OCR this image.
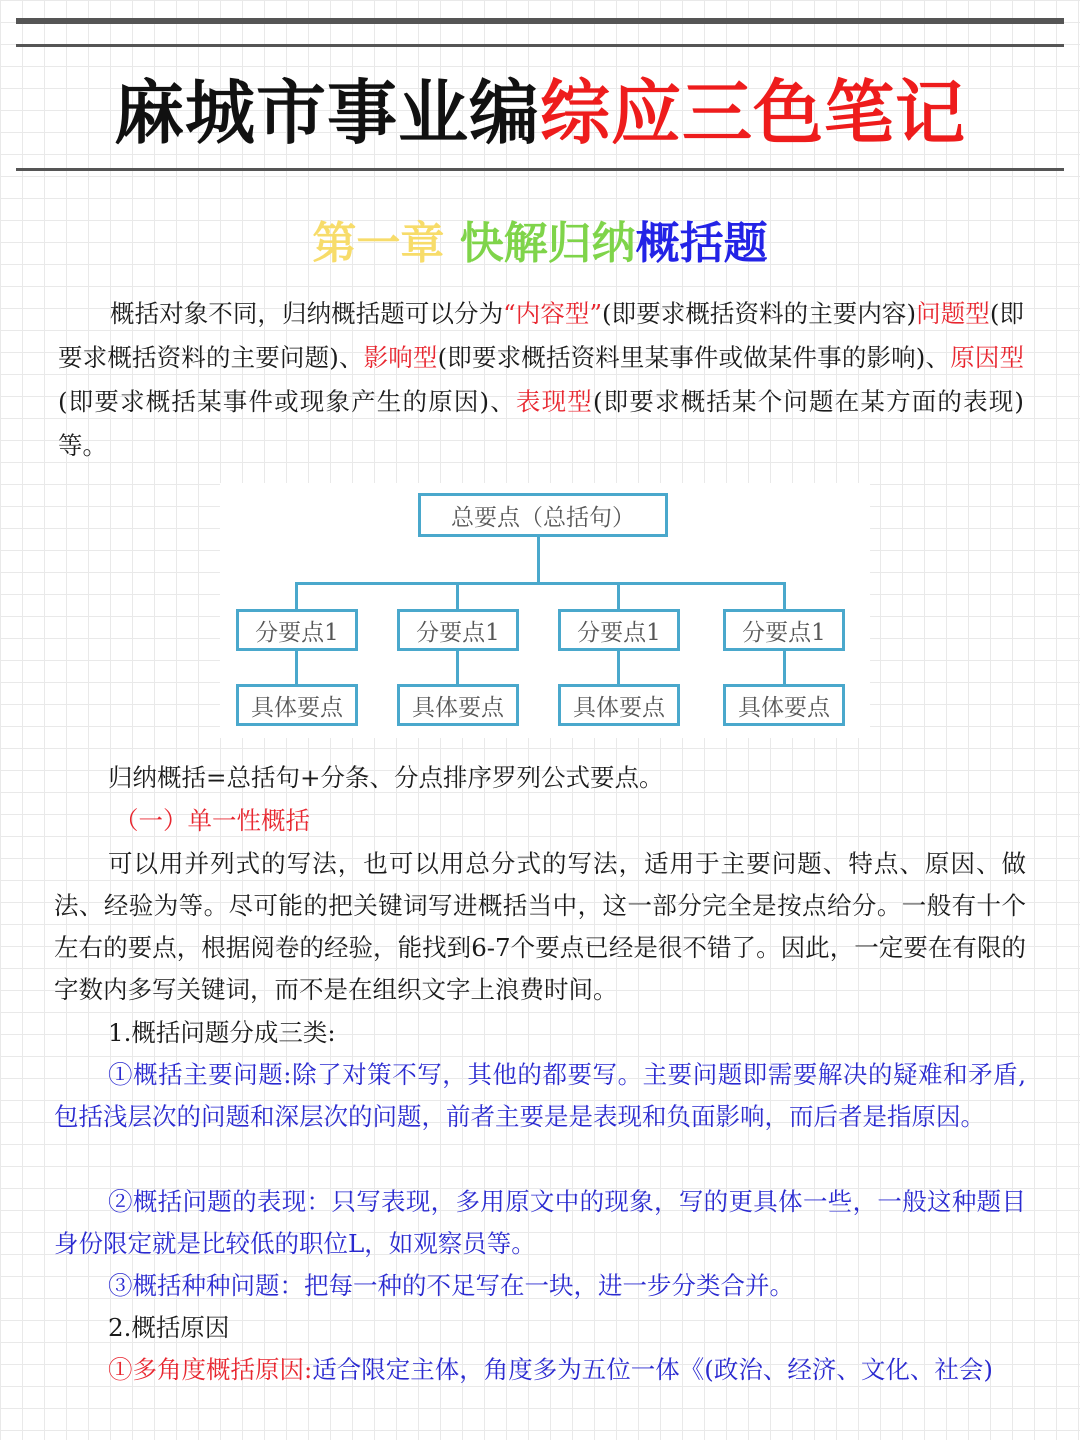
麻城市事业编综应三色笔记
第一章 快解归纳概括题

概括对象不同，归纳概括题可以分为“内容型”(即要求概括资料的主要内容)问题型(即要求概括资料的主要问题)、影响型(即要求概括资料里某事件或做某件事的影响)、原因型(即要求概括某事件或现象产生的原因)、表现型(即要求概括某个问题在某方面的表现)等。

总要点（总括句）
分要点1	分要点1	分要点1	分要点1
具体要点	具体要点	具体要点	具体要点

归纳概括=总括句+分条、分点排序罗列公式要点。

（一）单一性概括

可以用并列式的写法，也可以用总分式的写法，适用于主要问题、特点、原因、做法、经验为等。尽可能的把关键词写进概括当中，这一部分完全是按点给分。一般有十个左右的要点，根据阅卷的经验，能找到6-7个要点已经是很不错了。因此，一定要在有限的字数内多写关键词，而不是在组织文字上浪费时间。

1.概括问题分成三类:

①概括主要问题:除了对策不写，其他的都要写。主要问题即需要解决的疑难和矛盾,包括浅层次的问题和深层次的问题，前者主要是是表现和负面影响，而后者是指原因。

②概括问题的表现：只写表现，多用原文中的现象，写的更具体一些，一般这种题目身份限定就是比较低的职位L，如观察员等。

③概括种种问题：把每一种的不足写在一块，进一步分类合并。

2.概括原因

①多角度概括原因:适合限定主体，角度多为五位一体《(政治、经济、文化、社会)
